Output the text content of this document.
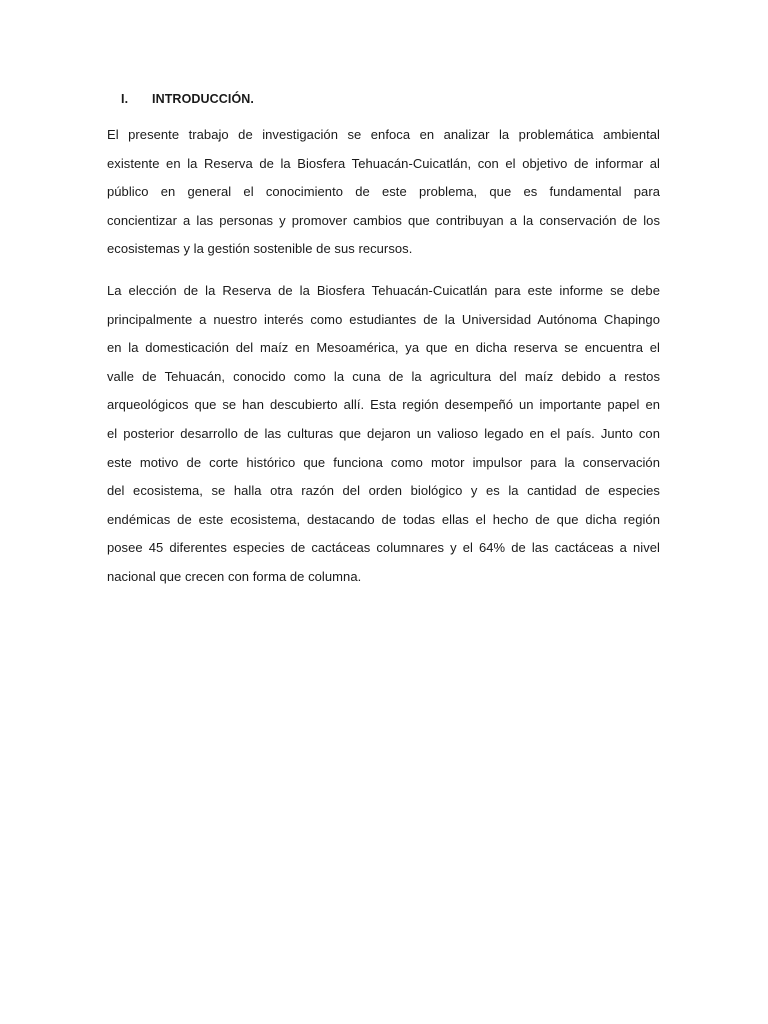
I. INTRODUCCIÓN.

El presente trabajo de investigación se enfoca en analizar la problemática ambiental
existente en la Reserva de la Biosfera Tehuacán-Cuicatlán, con el objetivo de informar al
público en general el conocimiento de este problema, que es fundamental para
concientizar a las personas y promover cambios que contribuyan a la conservación de los
ecosistemas y la gestión sostenible de sus recursos.

La elección de la Reserva de la Biosfera Tehuacán-Cuicatlán para este informe se debe
principalmente a nuestro interés como estudiantes de la Universidad Autónoma Chapingo
en la domesticación del maíz en Mesoamérica, ya que en dicha reserva se encuentra el
valle de Tehuacán, conocido como la cuna de la agricultura del maíz debido a restos
arqueológicos que se han descubierto allí. Esta región desempeñó un importante papel en
el posterior desarrollo de las culturas que dejaron un valioso legado en el país. Junto con
este motivo de corte histórico que funciona como motor impulsor para la conservación
del ecosistema, se halla otra razón del orden biológico y es la cantidad de especies
endémicas de este ecosistema, destacando de todas ellas el hecho de que dicha región
posee 45 diferentes especies de cactáceas columnares y el 64% de las cactáceas a nivel
nacional que crecen con forma de columna.
